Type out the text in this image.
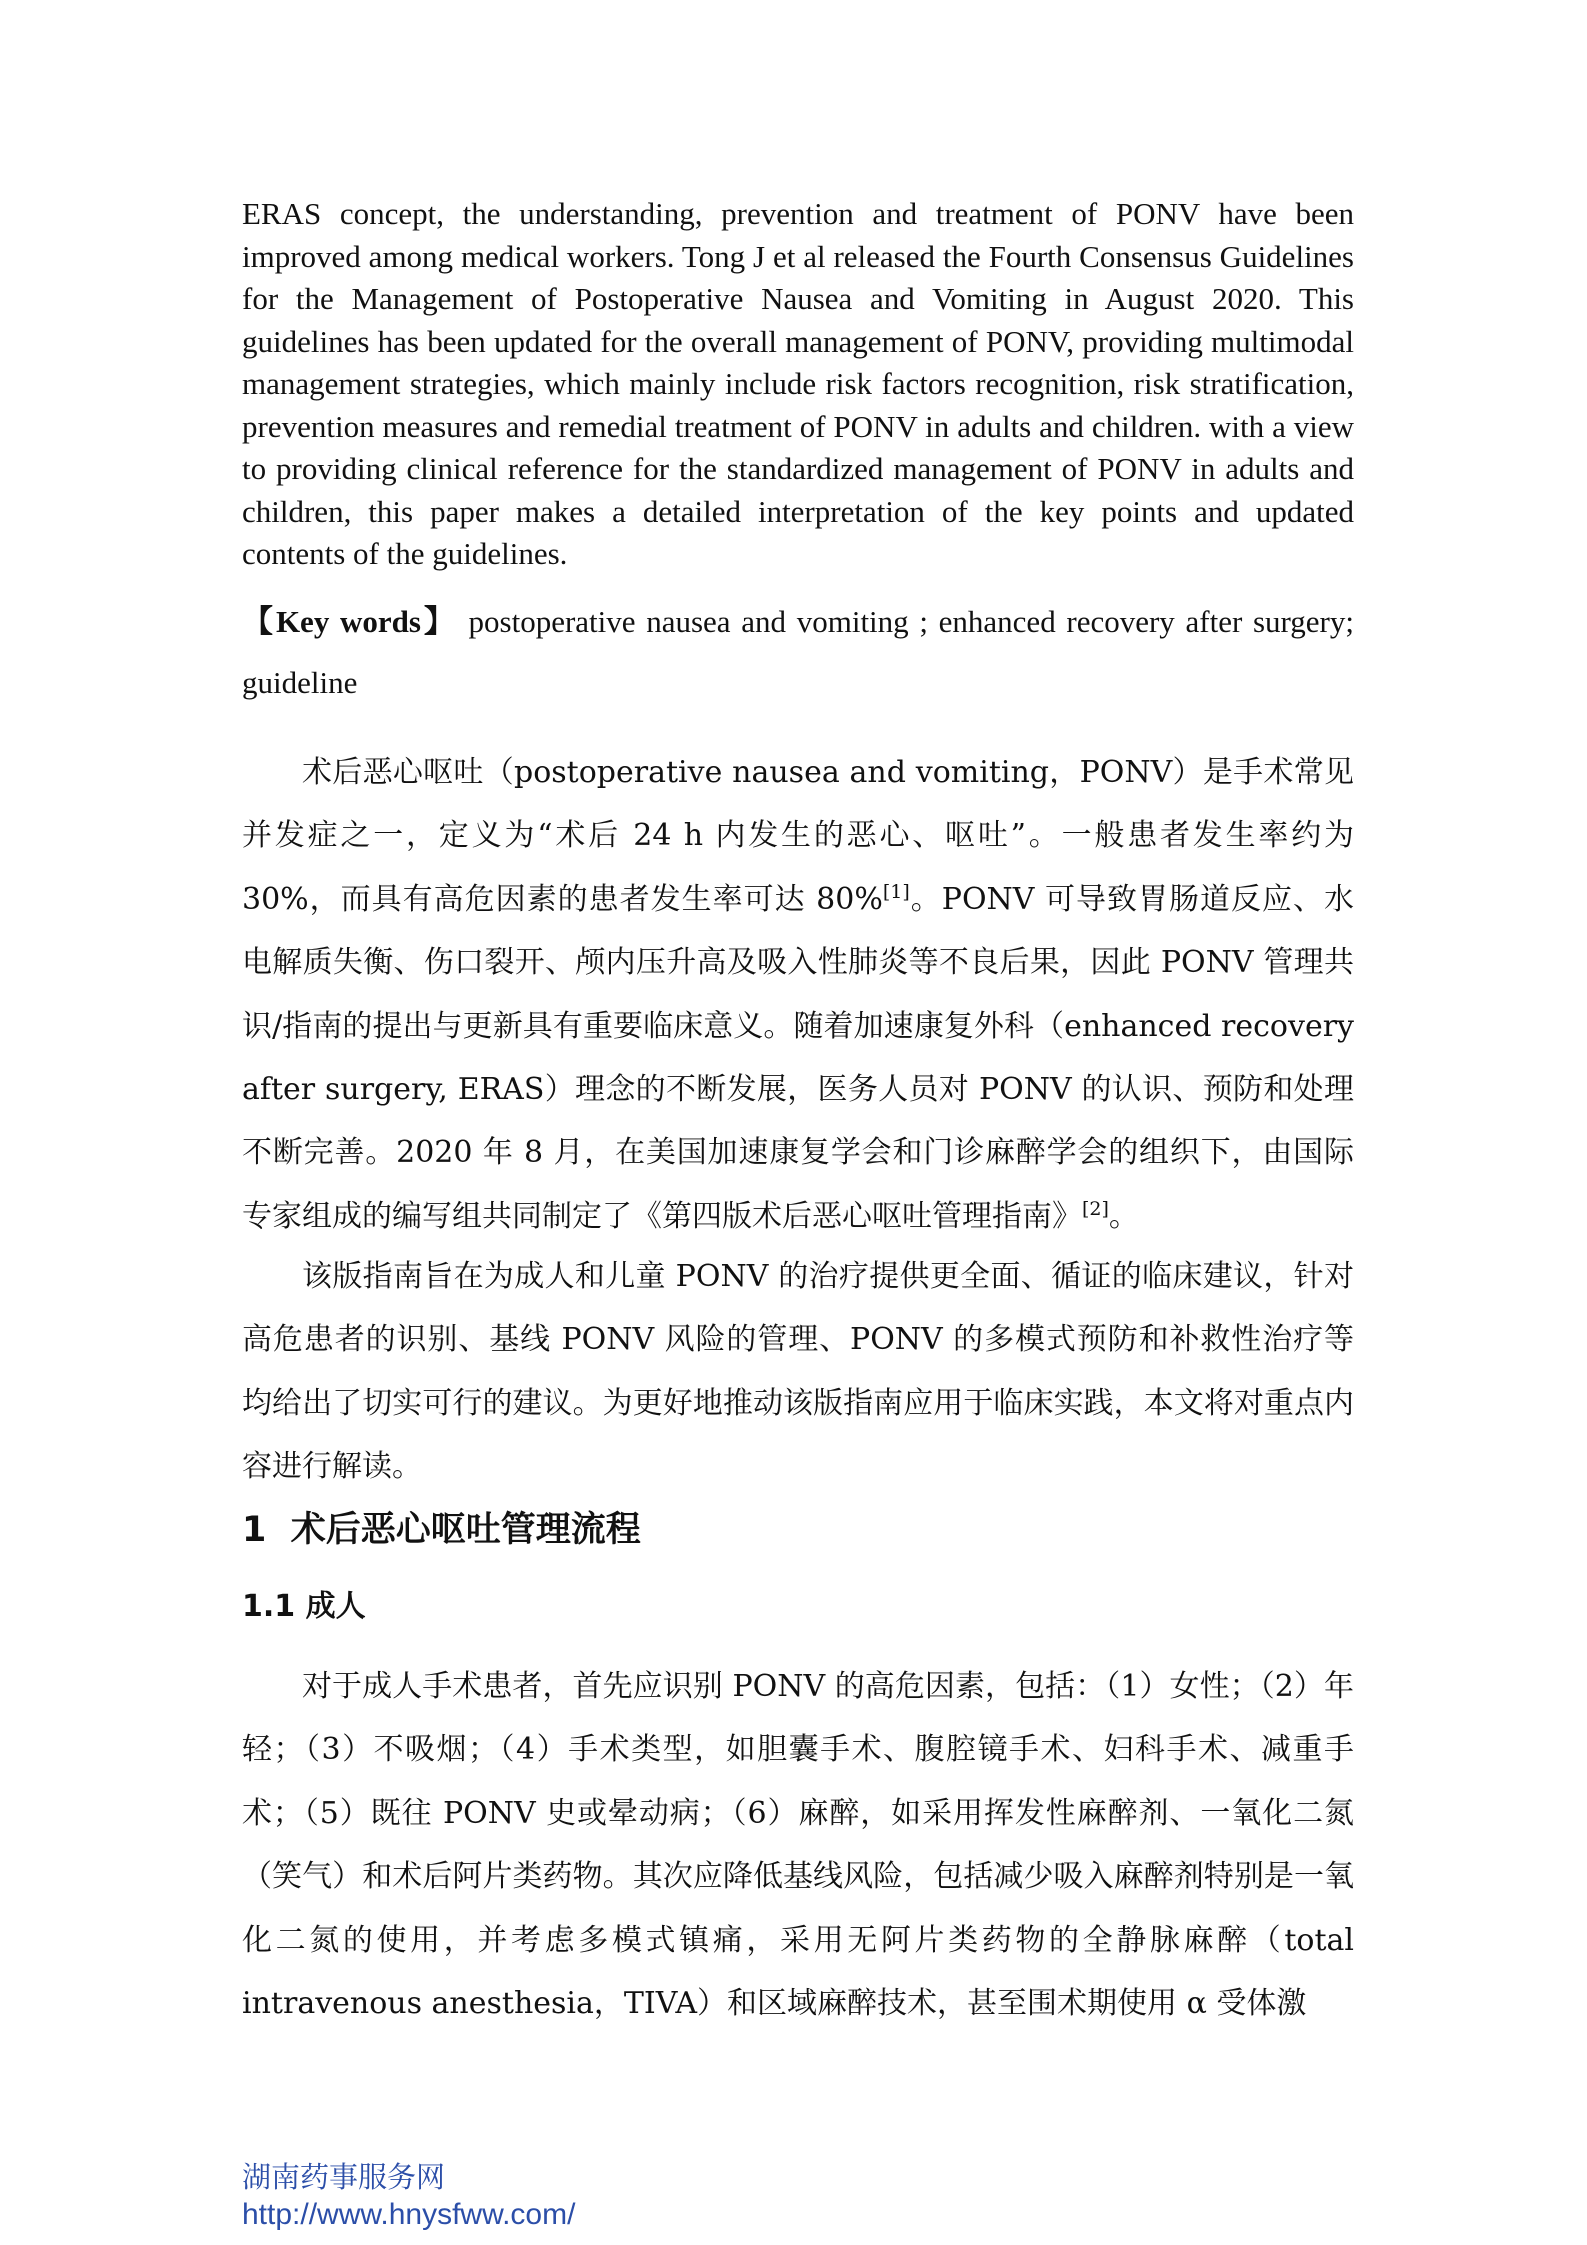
ERAS concept, the understanding, prevention and treatment of PONV have been improved among medical workers. Tong J et al released the Fourth Consensus Guidelines for the Management of Postoperative Nausea and Vomiting in August 2020. This guidelines has been updated for the overall management of PONV, providing multimodal management strategies, which mainly include risk factors recognition, risk stratification, prevention measures and remedial treatment of PONV in adults and children. with a view to providing clinical reference for the standardized management of PONV in adults and children, this paper makes a detailed interpretation of the key points and updated contents of the guidelines.
【Key words】 postoperative nausea and vomiting ; enhanced recovery after surgery; guideline
术后恶心呕吐（postoperative nausea and vomiting，PONV）是手术常见并发症之一，定义为“术后 24 h 内发生的恶心、呕吐”。一般患者发生率约为 30%，而具有高危因素的患者发生率可达 80%[1]。PONV 可导致胃肠道反应、水电解质失衡、伤口裂开、颅内压升高及吸入性肺炎等不良后果，因此 PONV 管理共识/指南的提出与更新具有重要临床意义。随着加速康复外科（enhanced recovery after surgery, ERAS）理念的不断发展，医务人员对 PONV 的认识、预防和处理不断完善。2020 年 8 月，在美国加速康复学会和门诊麻醉学会的组织下，由国际专家组成的编写组共同制定了《第四版术后恶心呕吐管理指南》[2]。
该版指南旨在为成人和儿童 PONV 的治疗提供更全面、循证的临床建议，针对高危患者的识别、基线 PONV 风险的管理、PONV 的多模式预防和补救性治疗等均给出了切实可行的建议。为更好地推动该版指南应用于临床实践，本文将对重点内容进行解读。
1  术后恶心呕吐管理流程
1.1 成人
对于成人手术患者，首先应识别 PONV 的高危因素，包括：（1）女性；（2）年轻；（3）不吸烟；（4）手术类型，如胆囊手术、腹腔镜手术、妇科手术、减重手术；（5）既往 PONV 史或晕动病；（6）麻醉，如采用挥发性麻醉剂、一氧化二氮（笑气）和术后阿片类药物。其次应降低基线风险，包括减少吸入麻醉剂特别是一氧化二氮的使用，并考虑多模式镇痛，采用无阿片类药物的全静脉麻醉（total intravenous anesthesia，TIVA）和区域麻醉技术，甚至围术期使用 α 受体激
湖南药事服务网
http://www.hnysfww.com/
